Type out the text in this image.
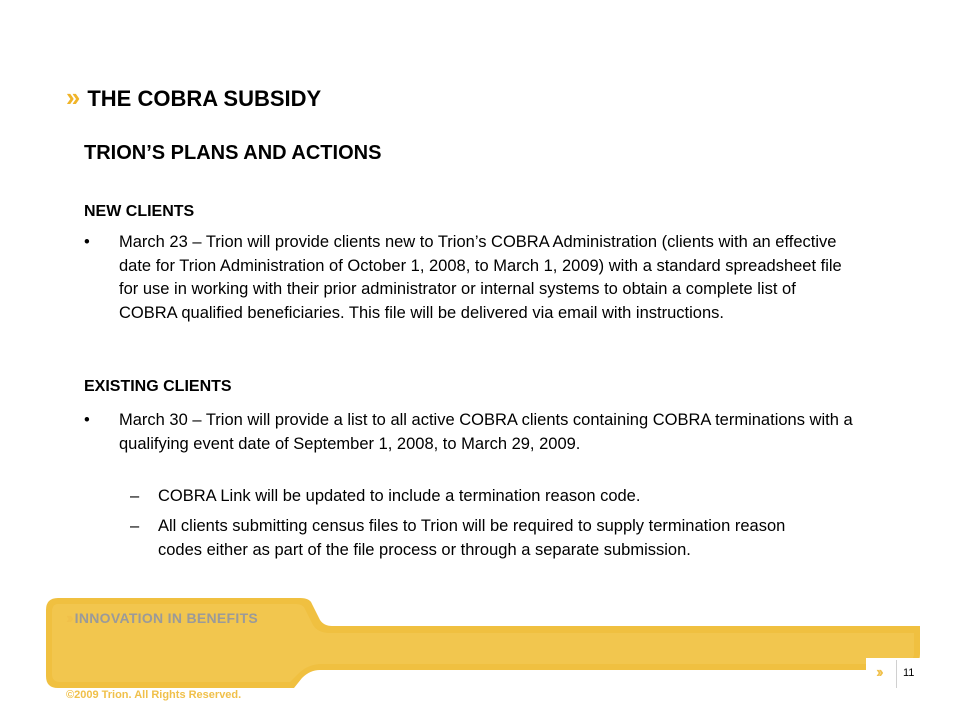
›› THE COBRA SUBSIDY
TRION’S PLANS AND ACTIONS
NEW CLIENTS
• March 23 – Trion will provide clients new to Trion’s COBRA Administration (clients with an effective date for Trion Administration of October 1, 2008, to March 1, 2009) with a standard spreadsheet file for use in working with their prior administrator or internal systems to obtain a complete list of COBRA qualified beneficiaries. This file will be delivered via email with instructions.
EXISTING CLIENTS
• March 30 – Trion will provide a list to all active COBRA clients containing COBRA terminations with a qualifying event date of September 1, 2008, to March 29, 2009.
– COBRA Link will be updated to include a termination reason code.
– All clients submitting census files to Trion will be required to supply termination reason codes either as part of the file process or through a separate submission.
›› INNOVATION IN BENEFITS
›› 11
©2009 Trion. All Rights Reserved.
